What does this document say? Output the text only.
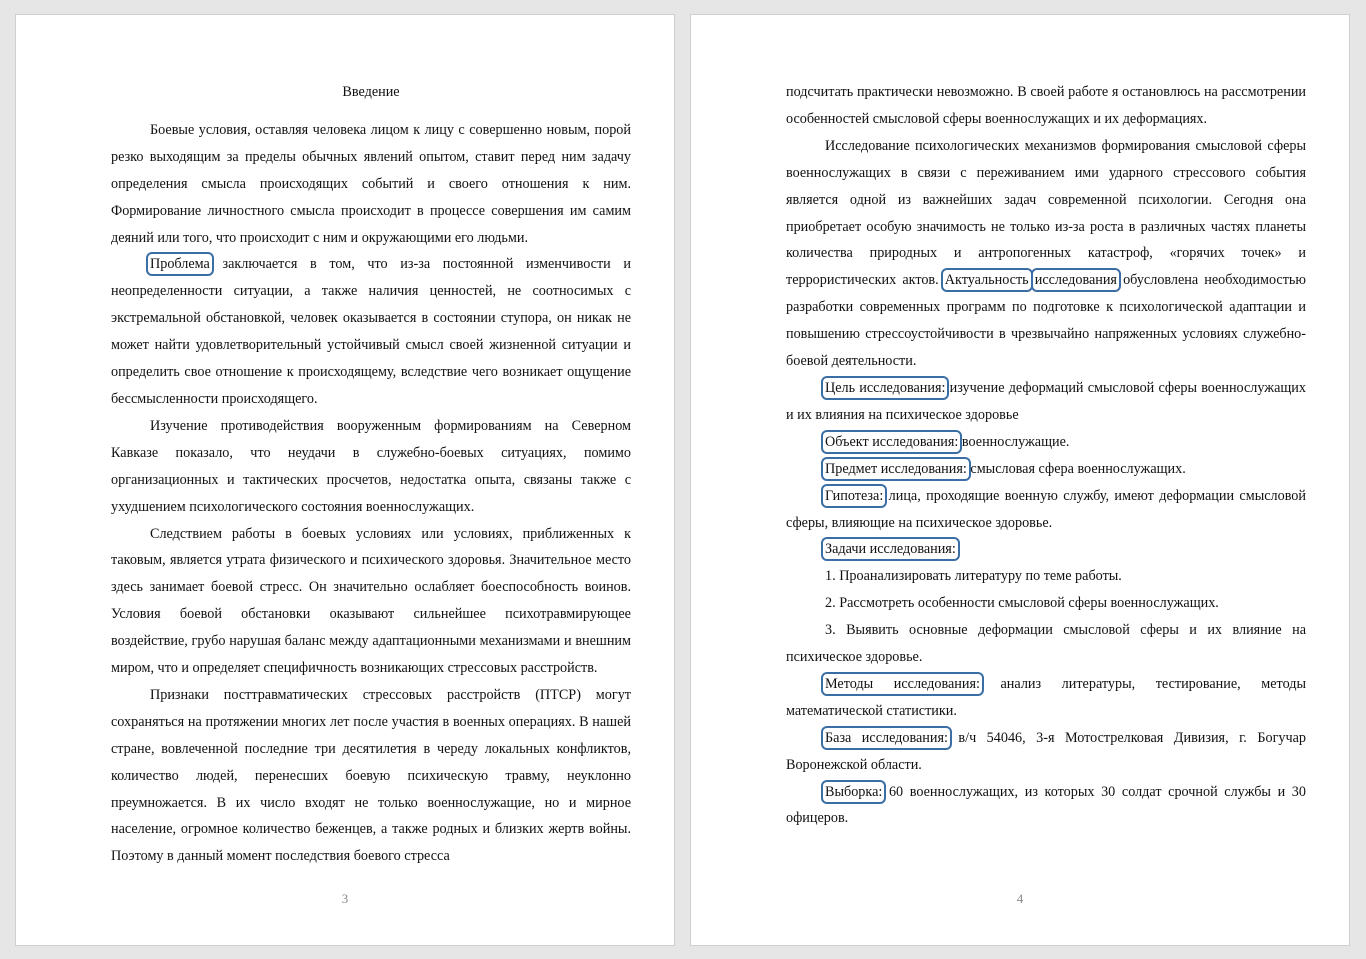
Введение

Боевые условия, оставляя человека лицом к лицу с совершенно новым, порой резко выходящим за пределы обычных явлений опытом, ставит перед ним задачу определения смысла происходящих событий и своего отношения к ним. Формирование личностного смысла происходит в процессе совершения им самим деяний или того, что происходит с ним и окружающими его людьми.

Проблема заключается в том, что из-за постоянной изменчивости и неопределенности ситуации, а также наличия ценностей, не соотносимых с экстремальной обстановкой, человек оказывается в состоянии ступора, он никак не может найти удовлетворительный устойчивый смысл своей жизненной ситуации и определить свое отношение к происходящему, вследствие чего возникает ощущение бессмысленности происходящего.

Изучение противодействия вооруженным формированиям на Северном Кавказе показало, что неудачи в служебно-боевых ситуациях, помимо организационных и тактических просчетов, недостатка опыта, связаны также с ухудшением психологического состояния военнослужащих.

Следствием работы в боевых условиях или условиях, приближенных к таковым, является утрата физического и психического здоровья. Значительное место здесь занимает боевой стресс. Он значительно ослабляет боеспособность воинов. Условия боевой обстановки оказывают сильнейшее психотравмирующее воздействие, грубо нарушая баланс между адаптационными механизмами и внешним миром, что и определяет специфичность возникающих стрессовых расстройств.

Признаки посттравматических стрессовых расстройств (ПТСР) могут сохраняться на протяжении многих лет после участия в военных операциях. В нашей стране, вовлеченной последние три десятилетия в череду локальных конфликтов, количество людей, перенесших боевую психическую травму, неуклонно преумножается. В их число входят не только военнослужащие, но и мирное население, огромное количество беженцев, а также родных и близких жертв войны. Поэтому в данный момент последствия боевого стресса

3

подсчитать практически невозможно. В своей работе я остановлюсь на рассмотрении особенностей смысловой сферы военнослужащих и их деформациях.

Исследование психологических механизмов формирования смысловой сферы военнослужащих в связи с переживанием ими ударного стрессового события является одной из важнейших задач современной психологии. Сегодня она приобретает особую значимость не только из-за роста в различных частях планеты количества природных и антропогенных катастроф, «горячих точек» и террористических актов. Актуальность исследования обусловлена необходимостью разработки современных программ по подготовке к психологической адаптации и повышению стрессоустойчивости в чрезвычайно напряженных условиях служебно-боевой деятельности.

Цель исследования: изучение деформаций смысловой сферы военнослужащих и их влияния на психическое здоровье

Объект исследования: военнослужащие.

Предмет исследования: смысловая сфера военнослужащих.

Гипотеза: лица, проходящие военную службу, имеют деформации смысловой сферы, влияющие на психическое здоровье.

Задачи исследования:

1. Проанализировать литературу по теме работы.

2. Рассмотреть особенности смысловой сферы военнослужащих.

3. Выявить основные деформации смысловой сферы и их влияние на психическое здоровье.

Методы исследования: анализ литературы, тестирование, методы математической статистики.

База исследования: в/ч 54046, 3-я Мотострелковая Дивизия, г. Богучар Воронежской области.

Выборка: 60 военнослужащих, из которых 30 солдат срочной службы и 30 офицеров.

4
